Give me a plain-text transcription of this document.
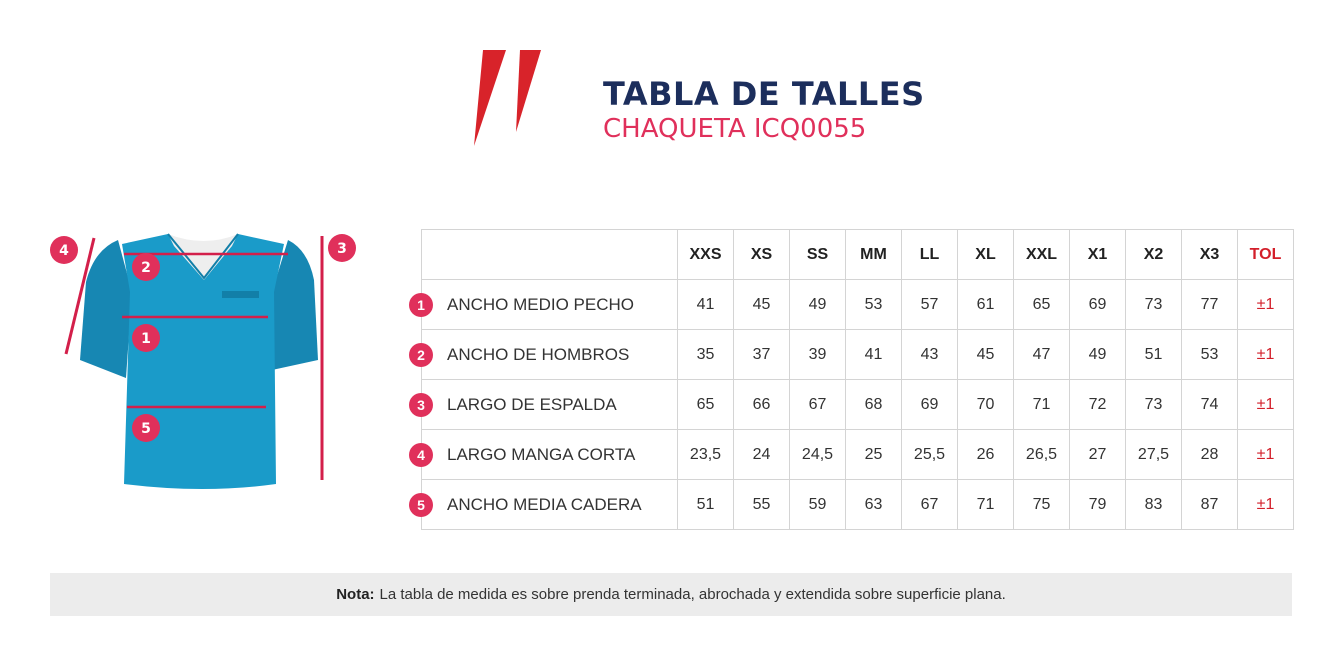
TABLA DE TALLES
CHAQUETA ICQ0055
4
2
1
5
3
		XXS	XS	SS	MM	LL	XL	XXL	X1	X2	X3	TOL

1 ANCHO MEDIO PECHO	41	45	49	53	57	61	65	69	73	77	±1

2 ANCHO DE HOMBROS	35	37	39	41	43	45	47	49	51	53	±1

3 LARGO DE ESPALDA	65	66	67	68	69	70	71	72	73	74	±1

4 LARGO MANGA CORTA	23,5	24	24,5	25	25,5	26	26,5	27	27,5	28	±1

5 ANCHO MEDIA CADERA	51	55	59	63	67	71	75	79	83	87	±1
Nota: La tabla de medida es sobre prenda terminada, abrochada y extendida sobre superficie plana.
